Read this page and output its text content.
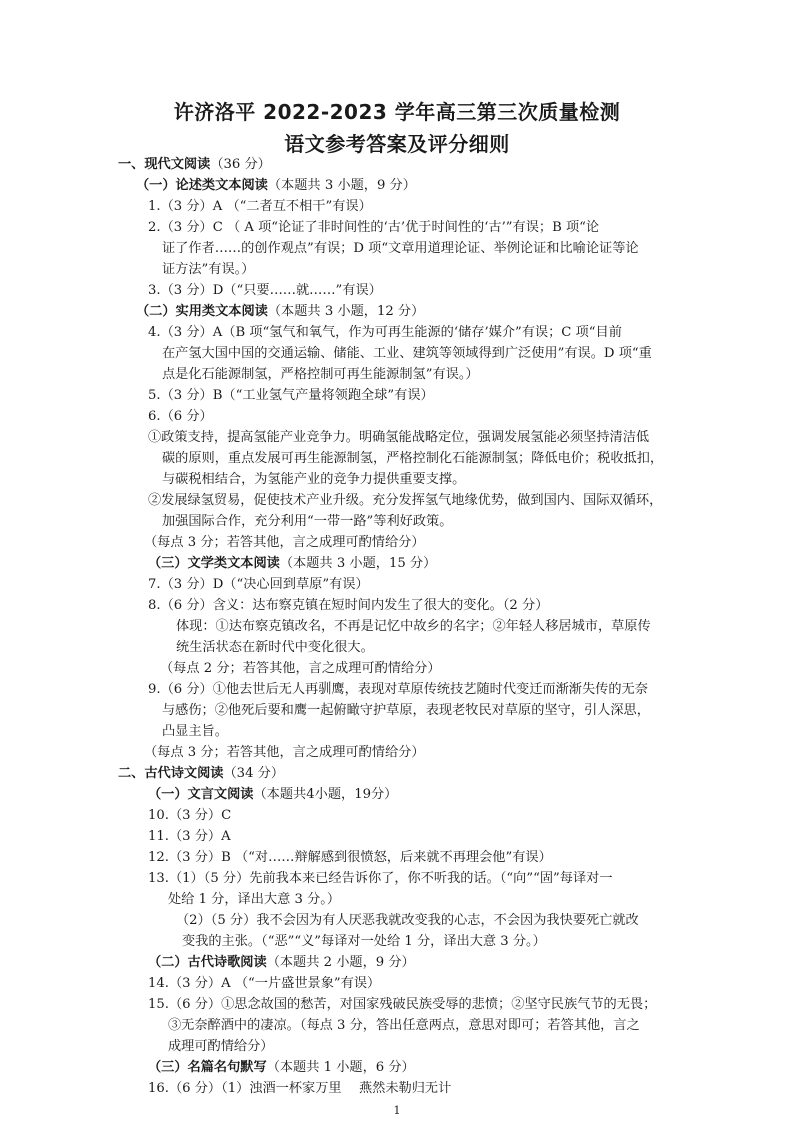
许济洛平 2022-2023 学年高三第三次质量检测
语文参考答案及评分细则
一、现代文阅读（36 分）
（一）论述类文本阅读（本题共 3 小题，9 分）
1.（3 分）A （“二者互不相干”有误）
2.（3 分）C （ A 项“论证了非时间性的‘古’优于时间性的‘古’”有误；B 项“论
证了作者……的创作观点”有误；D 项“文章用道理论证、举例论证和比喻论证等论
证方法”有误。）
3.（3 分）D（“只要……就……”有误）
（二）实用类文本阅读（本题共 3 小题，12 分）
4.（3 分）A（B 项“氢气和氧气，作为可再生能源的‘储存’媒介”有误；C 项“目前
在产氢大国中国的交通运输、储能、工业、建筑等领域得到广泛使用”有误。D 项“重
点是化石能源制氢，严格控制可再生能源制氢”有误。）
5.（3 分）B（“工业氢气产量将领跑全球”有误）
6.（6 分）
①政策支持，提高氢能产业竞争力。明确氢能战略定位，强调发展氢能必须坚持清洁低
碳的原则，重点发展可再生能源制氢，严格控制化石能源制氢；降低电价；税收抵扣，
与碳税相结合，为氢能产业的竞争力提供重要支撑。
②发展绿氢贸易，促使技术产业升级。充分发挥氢气地缘优势，做到国内、国际双循环，
加强国际合作，充分利用“一带一路”等利好政策。
（每点 3 分；若答其他，言之成理可酌情给分）
（三）文学类文本阅读（本题共 3 小题，15 分）
7.（3 分）D（“决心回到草原”有误）
8.（6 分）含义：达布察克镇在短时间内发生了很大的变化。（2 分）
体现：①达布察克镇改名，不再是记忆中故乡的名字；②年轻人移居城市，草原传
统生活状态在新时代中变化很大。
（每点 2 分；若答其他，言之成理可酌情给分）
9.（6 分）①他去世后无人再驯鹰，表现对草原传统技艺随时代变迁而渐渐失传的无奈
与感伤；②他死后要和鹰一起俯瞰守护草原，表现老牧民对草原的坚守，引人深思，
凸显主旨。
（每点 3 分；若答其他，言之成理可酌情给分）
二、古代诗文阅读（34 分）
（一）文言文阅读（本题共4小题，19分）
10.（3 分）C
11.（3 分）A
12.（3 分）B （“对……辩解感到很愤怒，后来就不再理会他”有误）
13.（1）（5 分）先前我本来已经告诉你了，你不听我的话。（“向”“固”每译对一
处给 1 分，译出大意 3 分。）
（2）（5 分）我不会因为有人厌恶我就改变我的心志，不会因为我快要死亡就改
变我的主张。（“恶”“义”每译对一处给 1 分，译出大意 3 分。）
（二）古代诗歌阅读（本题共 2 小题，9 分）
14.（3 分）A （“一片盛世景象”有误）
15.（6 分）①思念故国的愁苦，对国家残破民族受辱的悲愤；②坚守民族气节的无畏；
③无奈醉酒中的凄凉。（每点 3 分，答出任意两点，意思对即可；若答其他，言之
成理可酌情给分）
（三）名篇名句默写（本题共 1 小题，6 分）
16.（6 分）（1）浊酒一杯家万里　 燕然未勒归无计
1
